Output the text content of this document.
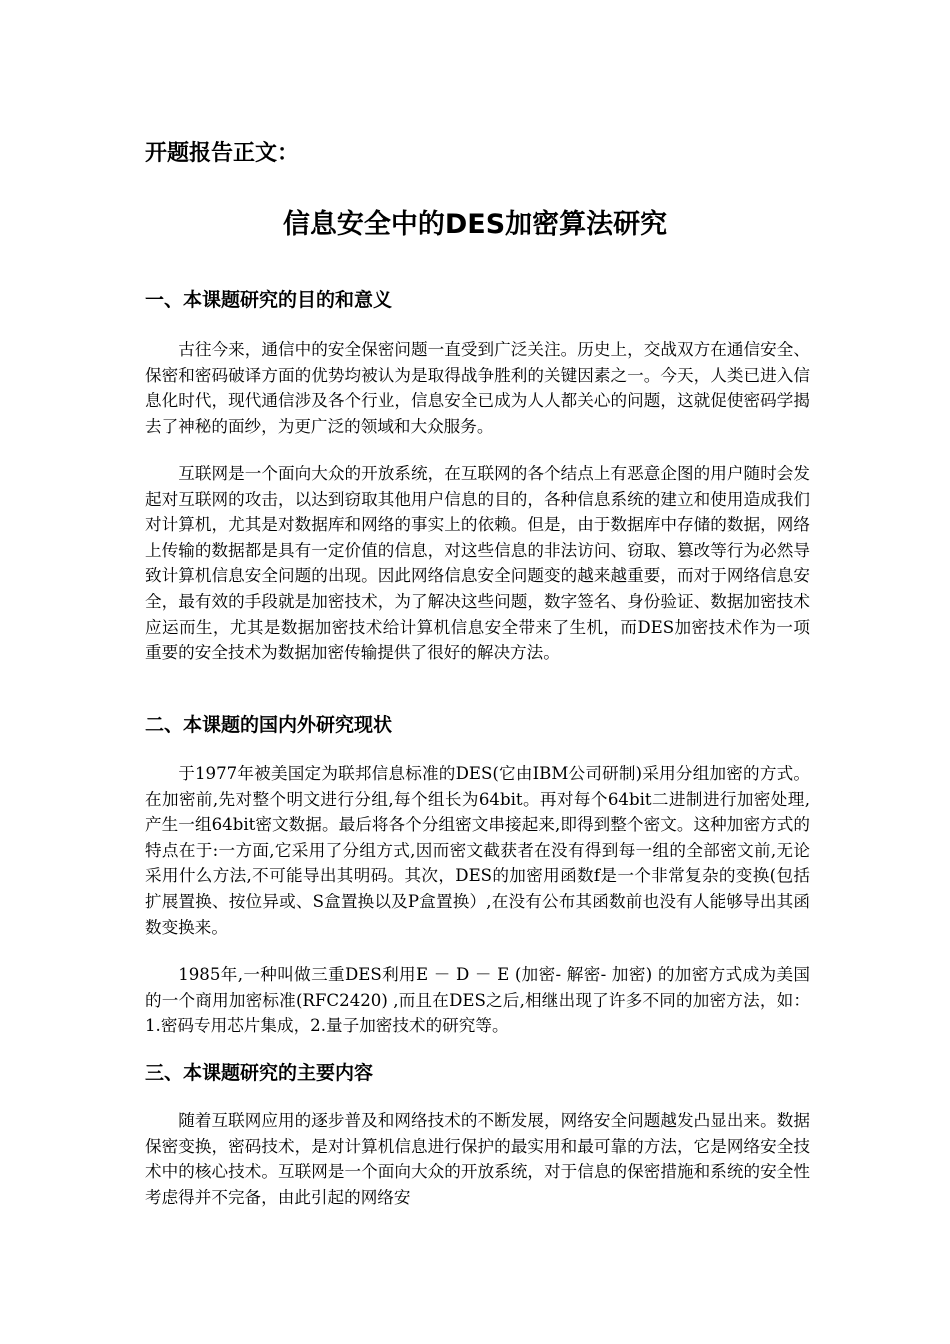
开题报告正文：
信息安全中的DES加密算法研究
一、本课题研究的目的和意义

古往今来，通信中的安全保密问题一直受到广泛关注。历史上，交战双方在通信安全、保密和密码破译方面的优势均被认为是取得战争胜利的关键因素之一。今天，人类已进入信息化时代，现代通信涉及各个行业，信息安全已成为人人都关心的问题，这就促使密码学揭去了神秘的面纱，为更广泛的领域和大众服务。

互联网是一个面向大众的开放系统，在互联网的各个结点上有恶意企图的用户随时会发起对互联网的攻击，以达到窃取其他用户信息的目的，各种信息系统的建立和使用造成我们对计算机，尤其是对数据库和网络的事实上的依赖。但是，由于数据库中存储的数据，网络上传输的数据都是具有一定价值的信息，对这些信息的非法访问、窃取、篡改等行为必然导致计算机信息安全问题的出现。因此网络信息安全问题变的越来越重要，而对于网络信息安全，最有效的手段就是加密技术，为了解决这些问题，数字签名、身份验证、数据加密技术应运而生，尤其是数据加密技术给计算机信息安全带来了生机，而DES加密技术作为一项重要的安全技术为数据加密传输提供了很好的解决方法。

二、本课题的国内外研究现状

于1977年被美国定为联邦信息标准的DES(它由IBM公司研制)采用分组加密的方式。在加密前,先对整个明文进行分组,每个组长为64bit。再对每个64bit二进制进行加密处理,产生一组64bit密文数据。最后将各个分组密文串接起来,即得到整个密文。这种加密方式的特点在于:一方面,它采用了分组方式,因而密文截获者在没有得到每一组的全部密文前,无论采用什么方法,不可能导出其明码。其次，DES的加密用函数f是一个非常复杂的变换(包括扩展置换、按位异或、S盒置换以及P盒置换）,在没有公布其函数前也没有人能够导出其函数变换来。

1985年,一种叫做三重DES利用E － D － E (加密- 解密- 加密) 的加密方式成为美国的一个商用加密标准(RFC2420) ,而且在DES之后,相继出现了许多不同的加密方法，如：1.密码专用芯片集成，2.量子加密技术的研究等。

三、本课题研究的主要内容

随着互联网应用的逐步普及和网络技术的不断发展，网络安全问题越发凸显出来。数据保密变换，密码技术，是对计算机信息进行保护的最实用和最可靠的方法，它是网络安全技术中的核心技术。互联网是一个面向大众的开放系统，对于信息的保密措施和系统的安全性考虑得并不完备，由此引起的网络安
